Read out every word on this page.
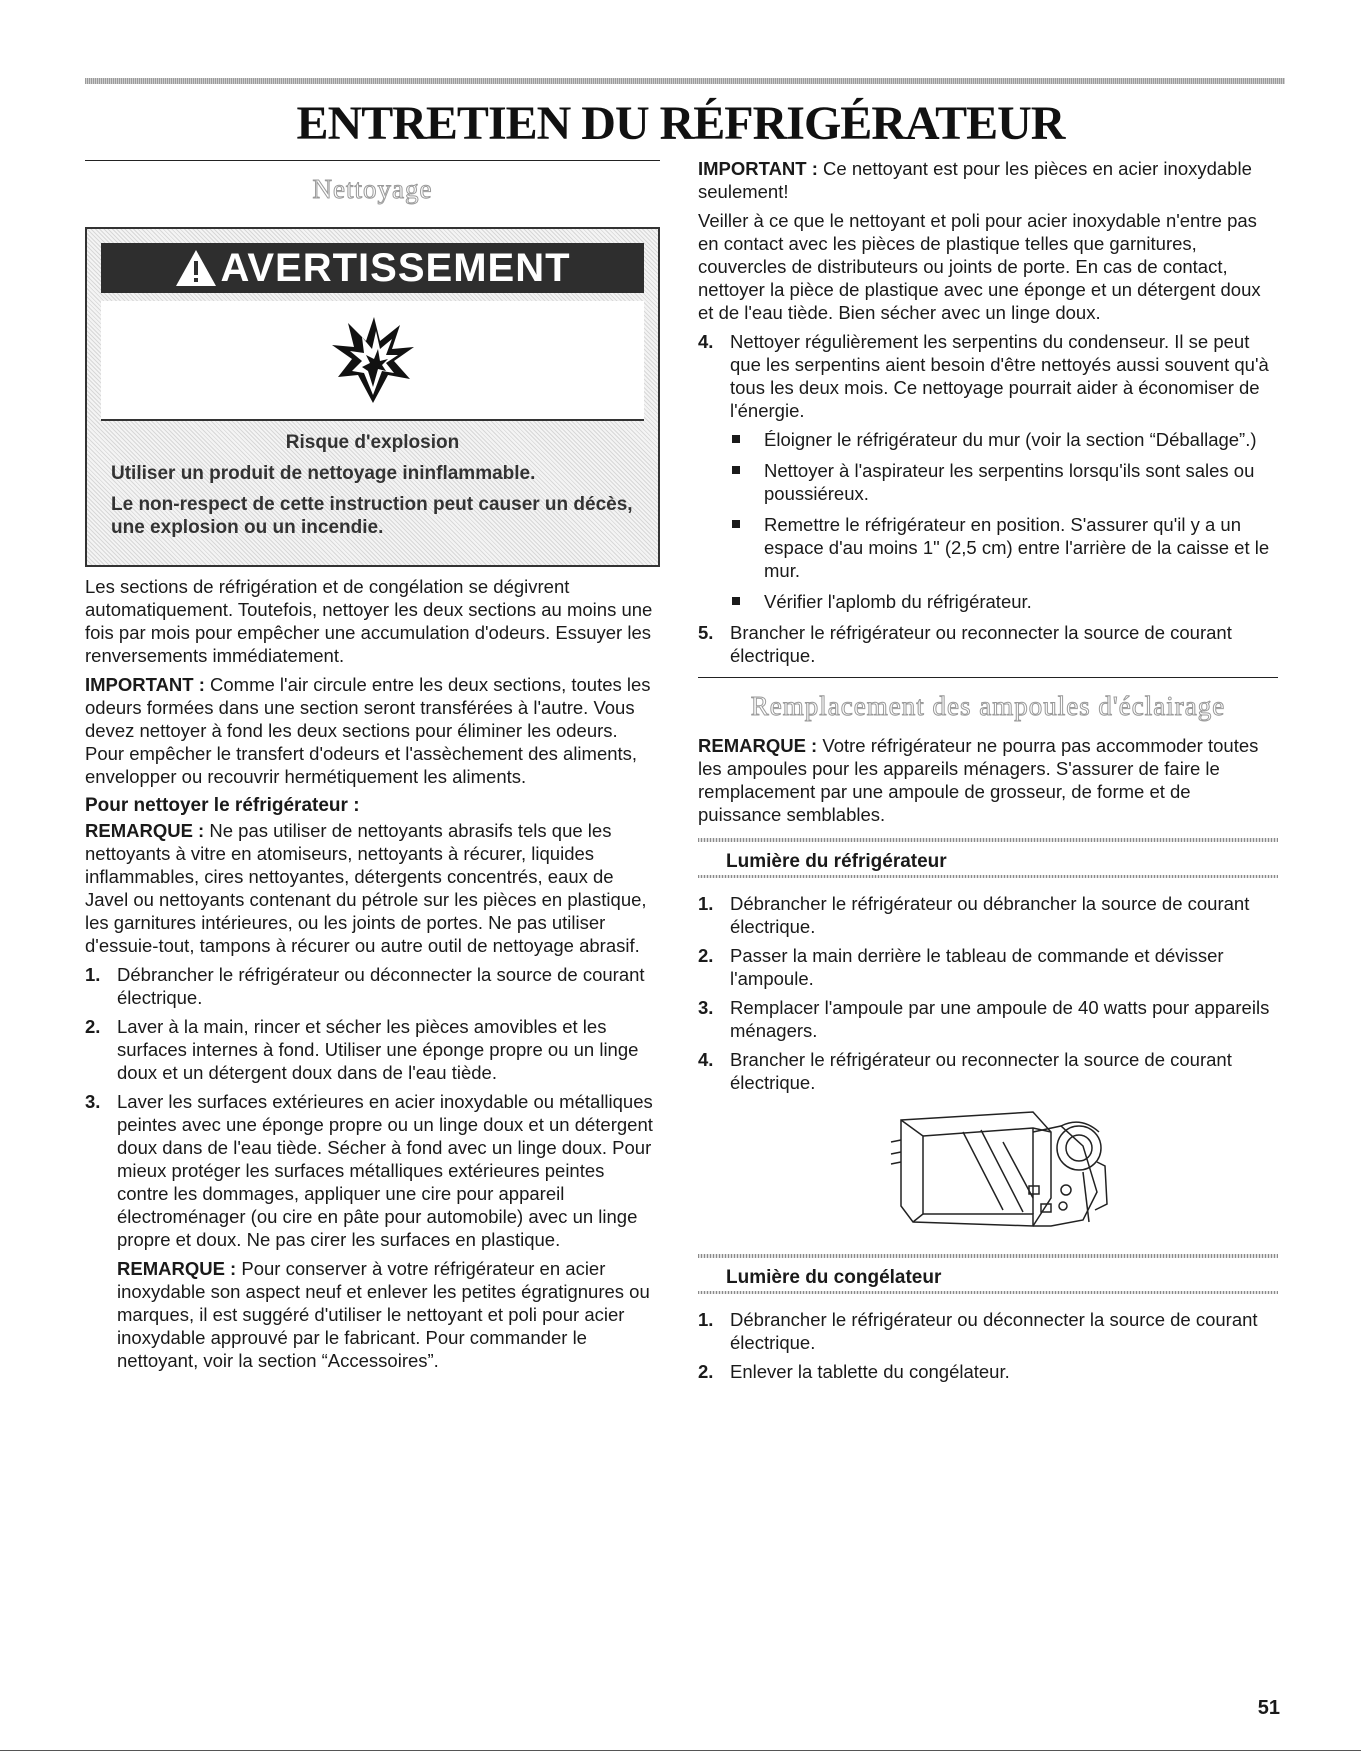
ENTRETIEN DU RÉFRIGÉRATEUR
Nettoyage
AVERTISSEMENT

Risque d'explosion

Utiliser un produit de nettoyage ininflammable.

Le non-respect de cette instruction peut causer un décès, une explosion ou un incendie.

Les sections de réfrigération et de congélation se dégivrent automatiquement. Toutefois, nettoyer les deux sections au moins une fois par mois pour empêcher une accumulation d'odeurs. Essuyer les renversements immédiatement.

IMPORTANT : Comme l'air circule entre les deux sections, toutes les odeurs formées dans une section seront transférées à l'autre. Vous devez nettoyer à fond les deux sections pour éliminer les odeurs. Pour empêcher le transfert d'odeurs et l'assèchement des aliments, envelopper ou recouvrir hermétiquement les aliments.

Pour nettoyer le réfrigérateur :

REMARQUE : Ne pas utiliser de nettoyants abrasifs tels que les nettoyants à vitre en atomiseurs, nettoyants à récurer, liquides inflammables, cires nettoyantes, détergents concentrés, eaux de Javel ou nettoyants contenant du pétrole sur les pièces en plastique, les garnitures intérieures, ou les joints de portes. Ne pas utiliser d'essuie-tout, tampons à récurer ou autre outil de nettoyage abrasif.

1. Débrancher le réfrigérateur ou déconnecter la source de courant électrique.
2. Laver à la main, rincer et sécher les pièces amovibles et les surfaces internes à fond. Utiliser une éponge propre ou un linge doux et un détergent doux dans de l'eau tiède.
3. Laver les surfaces extérieures en acier inoxydable ou métalliques peintes avec une éponge propre ou un linge doux et un détergent doux dans de l'eau tiède. Sécher à fond avec un linge doux. Pour mieux protéger les surfaces métalliques extérieures peintes contre les dommages, appliquer une cire pour appareil électroménager (ou cire en pâte pour automobile) avec un linge propre et doux. Ne pas cirer les surfaces en plastique.

REMARQUE : Pour conserver à votre réfrigérateur en acier inoxydable son aspect neuf et enlever les petites égratignures ou marques, il est suggéré d'utiliser le nettoyant et poli pour acier inoxydable approuvé par le fabricant. Pour commander le nettoyant, voir la section “Accessoires”.

IMPORTANT : Ce nettoyant est pour les pièces en acier inoxydable seulement!

Veiller à ce que le nettoyant et poli pour acier inoxydable n'entre pas en contact avec les pièces de plastique telles que garnitures, couvercles de distributeurs ou joints de porte. En cas de contact, nettoyer la pièce de plastique avec une éponge et un détergent doux et de l'eau tiède. Bien sécher avec un linge doux.

4. Nettoyer régulièrement les serpentins du condenseur. Il se peut que les serpentins aient besoin d'être nettoyés aussi souvent qu'à tous les deux mois. Ce nettoyage pourrait aider à économiser de l'énergie.
Éloigner le réfrigérateur du mur (voir la section “Déballage”.)
Nettoyer à l'aspirateur les serpentins lorsqu'ils sont sales ou poussiéreux.
Remettre le réfrigérateur en position. S'assurer qu'il y a un espace d'au moins 1" (2,5 cm) entre l'arrière de la caisse et le mur.
Vérifier l'aplomb du réfrigérateur.
5. Brancher le réfrigérateur ou reconnecter la source de courant électrique.
Remplacement des ampoules d'éclairage

REMARQUE : Votre réfrigérateur ne pourra pas accommoder toutes les ampoules pour les appareils ménagers. S'assurer de faire le remplacement par une ampoule de grosseur, de forme et de puissance semblables.

Lumière du réfrigérateur
1. Débrancher le réfrigérateur ou débrancher la source de courant électrique.
2. Passer la main derrière le tableau de commande et dévisser l'ampoule.
3. Remplacer l'ampoule par une ampoule de 40 watts pour appareils ménagers.
4. Brancher le réfrigérateur ou reconnecter la source de courant électrique.
Lumière du congélateur
1. Débrancher le réfrigérateur ou déconnecter la source de courant électrique.
2. Enlever la tablette du congélateur.
51
